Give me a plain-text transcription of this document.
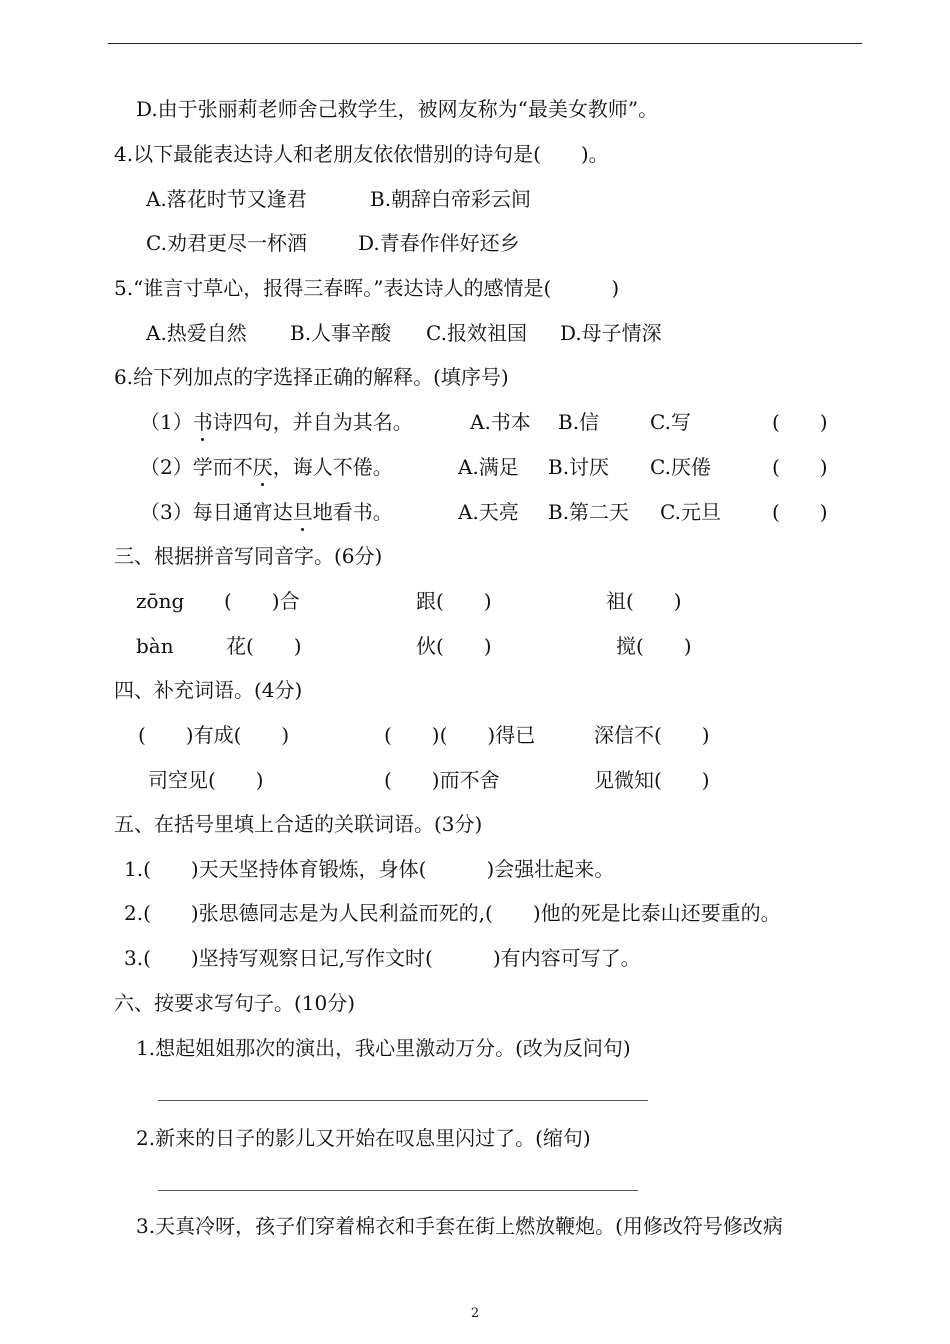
D.由于张丽莉老师舍己救学生，被网友称为“最美女教师”。
4.以下最能表达诗人和老朋友依依惜别的诗句是(　　)。
A.落花时节又逢君	B.朝辞白帝彩云间
C.劝君更尽一杯酒	D.青春作伴好还乡
5.“谁言寸草心，报得三春晖。”表达诗人的感情是(　　　)
A.热爱自然 B.人事辛酸 C.报效祖国 D.母子情深
6.给下列加点的字选择正确的解释。(填序号)
（1）书诗四句，并自为其名。	A.书本 B.信	C.写	(　　)
（2）学而不厌，诲人不倦。	A.满足 B.讨厌 C.厌倦	(　　)
（3）每日通宵达旦地看书。	A.天亮 B.第二天 C.元旦	(　　)
三、根据拼音写同音字。(6分)
zōng (　　)合	跟(　　)	祖(　　)
bàn	花(　　)	伙(　　)	搅(　　)
四、补充词语。(4分)
(　　)有成(　　)	(　　)(　　)得已	深信不(　　)
司空见(　　)	(　　)而不舍	见微知(　　)
五、在括号里填上合适的关联词语。(3分)
1.(　　)天天坚持体育锻炼，身体(　　　)会强壮起来。
2.(　　)张思德同志是为人民利益而死的,(　　)他的死是比泰山还要重的。
3.(　　)坚持写观察日记,写作文时(　　　)有内容可写了。
六、按要求写句子。(10分)
1.想起姐姐那次的演出，我心里激动万分。(改为反问句)
2.新来的日子的影儿又开始在叹息里闪过了。(缩句)
3.天真冷呀，孩子们穿着棉衣和手套在街上燃放鞭炮。(用修改符号修改病
2
